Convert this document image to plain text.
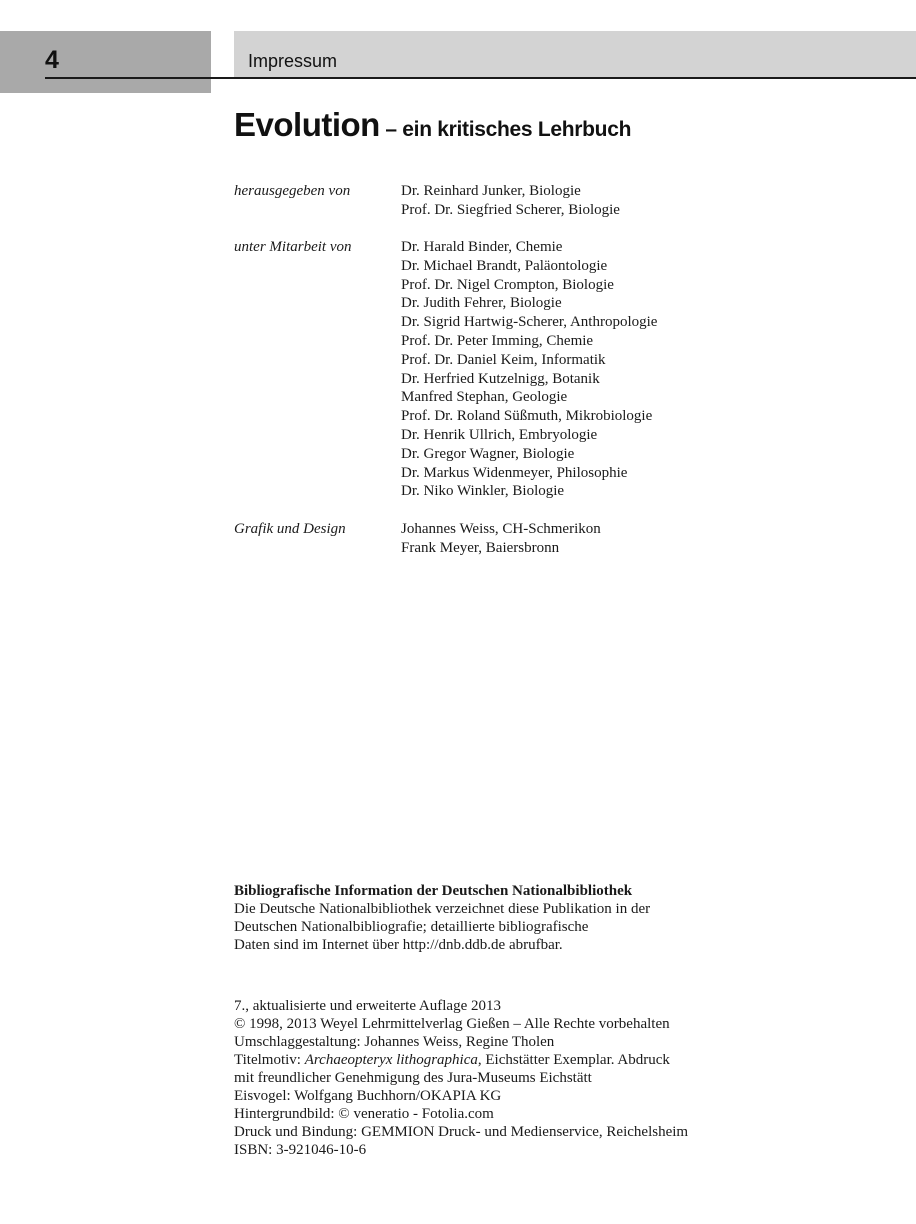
4	Impressum
Evolution – ein kritisches Lehrbuch
herausgegeben von	Dr. Reinhard Junker, Biologie
Prof. Dr. Siegfried Scherer, Biologie
unter Mitarbeit von	Dr. Harald Binder, Chemie
Dr. Michael Brandt, Paläontologie
Prof. Dr. Nigel Crompton, Biologie
Dr. Judith Fehrer, Biologie
Dr. Sigrid Hartwig-Scherer, Anthropologie
Prof. Dr. Peter Imming, Chemie
Prof. Dr. Daniel Keim, Informatik
Dr. Herfried Kutzelnigg, Botanik
Manfred Stephan, Geologie
Prof. Dr. Roland Süßmuth, Mikrobiologie
Dr. Henrik Ullrich, Embryologie
Dr. Gregor Wagner, Biologie
Dr. Markus Widenmeyer, Philosophie
Dr. Niko Winkler, Biologie
Grafik und Design	Johannes Weiss, CH-Schmerikon
Frank Meyer, Baiersbronn
Bibliografische Information der Deutschen Nationalbibliothek
Die Deutsche Nationalbibliothek verzeichnet diese Publikation in der
Deutschen Nationalbibliografie; detaillierte bibliografische
Daten sind im Internet über http://dnb.ddb.de abrufbar.
7., aktualisierte und erweiterte Auflage 2013
© 1998, 2013 Weyel Lehrmittelverlag Gießen – Alle Rechte vorbehalten
Umschlaggestaltung: Johannes Weiss, Regine Tholen
Titelmotiv: Archaeopteryx lithographica, Eichstätter Exemplar. Abdruck
mit freundlicher Genehmigung des Jura-Museums Eichstätt
Eisvogel: Wolfgang Buchhorn/OKAPIA KG
Hintergrundbild: © veneratio - Fotolia.com
Druck und Bindung: GEMMION Druck- und Medienservice, Reichelsheim
ISBN: 3-921046-10-6
